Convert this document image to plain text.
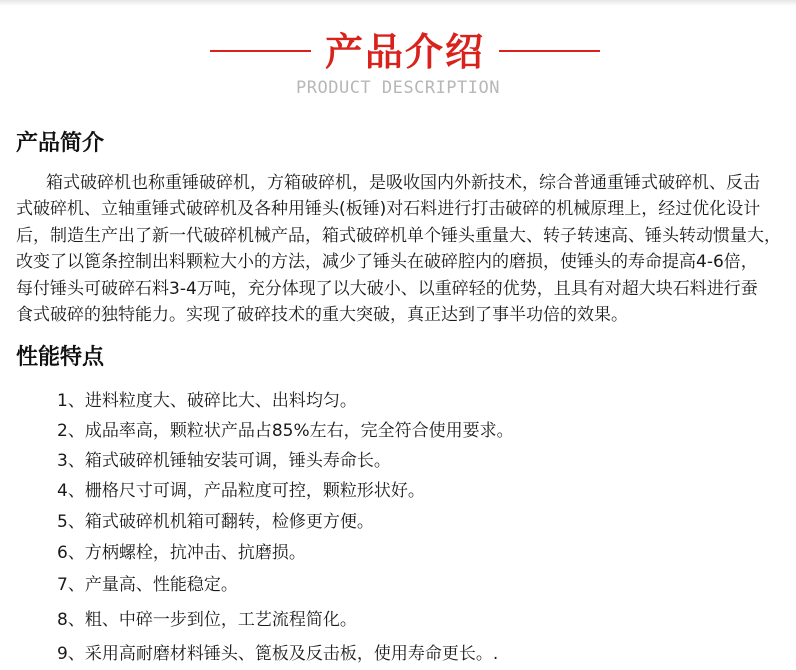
产品介绍
PRODUCT DESCRIPTION
产品简介
箱式破碎机也称重锤破碎机，方箱破碎机，是吸收国内外新技术，综合普通重锤式破碎机、反击
式破碎机、立轴重锤式破碎机及各种用锤头(板锤)对石料进行打击破碎的机械原理上，经过优化设计
后，制造生产出了新一代破碎机械产品，箱式破碎机单个锤头重量大、转子转速高、锤头转动惯量大，
改变了以篦条控制出料颗粒大小的方法，减少了锤头在破碎腔内的磨损，使锤头的寿命提高4-6倍，
每付锤头可破碎石料3-4万吨，充分体现了以大破小、以重碎轻的优势，且具有对超大块石料进行蚕
食式破碎的独特能力。实现了破碎技术的重大突破，真正达到了事半功倍的效果。
性能特点
1、进料粒度大、破碎比大、出料均匀。
2、成品率高，颗粒状产品占85%左右，完全符合使用要求。
3、箱式破碎机锤轴安装可调，锤头寿命长。
4、栅格尺寸可调，产品粒度可控，颗粒形状好。
5、箱式破碎机机箱可翻转，检修更方便。
6、方柄螺栓，抗冲击、抗磨损。
7、产量高、性能稳定。
8、粗、中碎一步到位，工艺流程简化。
9、采用高耐磨材料锤头、篦板及反击板，使用寿命更长。.
